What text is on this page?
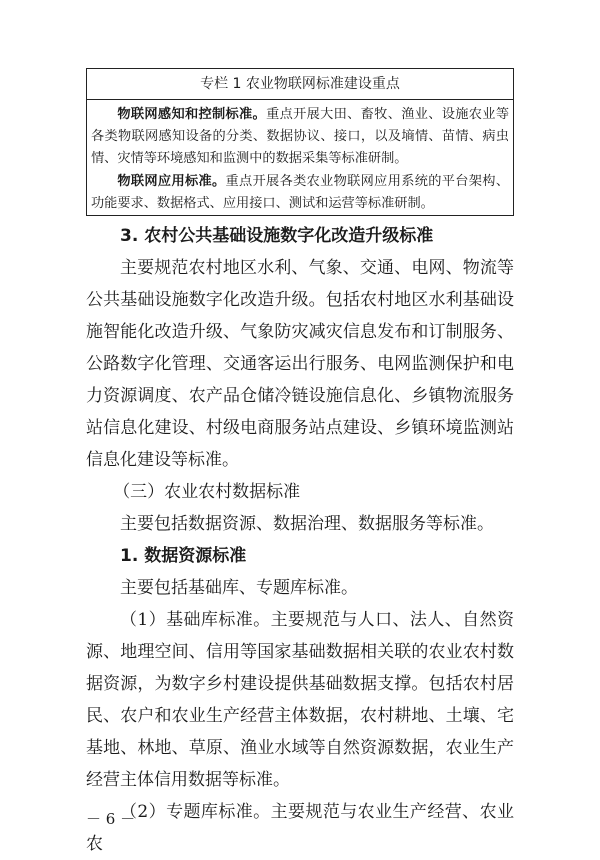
专栏 1 农业物联网标准建设重点

物联网感知和控制标准。重点开展大田、畜牧、渔业、设施农业等各类物联网感知设备的分类、数据协议、接口，以及墒情、苗情、病虫情、灾情等环境感知和监测中的数据采集等标准研制。

物联网应用标准。重点开展各类农业物联网应用系统的平台架构、功能要求、数据格式、应用接口、测试和运营等标准研制。

3. 农村公共基础设施数字化改造升级标准

主要规范农村地区水利、气象、交通、电网、物流等公共基础设施数字化改造升级。包括农村地区水利基础设施智能化改造升级、气象防灾减灾信息发布和订制服务、公路数字化管理、交通客运出行服务、电网监测保护和电力资源调度、农产品仓储冷链设施信息化、乡镇物流服务站信息化建设、村级电商服务站点建设、乡镇环境监测站信息化建设等标准。

（三）农业农村数据标准

主要包括数据资源、数据治理、数据服务等标准。

1. 数据资源标准

主要包括基础库、专题库标准。

（1）基础库标准。主要规范与人口、法人、自然资源、地理空间、信用等国家基础数据相关联的农业农村数据资源，为数字乡村建设提供基础数据支撑。包括农村居民、农户和农业生产经营主体数据，农村耕地、土壤、宅基地、林地、草原、渔业水域等自然资源数据，农业生产经营主体信用数据等标准。

（2）专题库标准。主要规范与农业生产经营、农业农

－ 6 －
